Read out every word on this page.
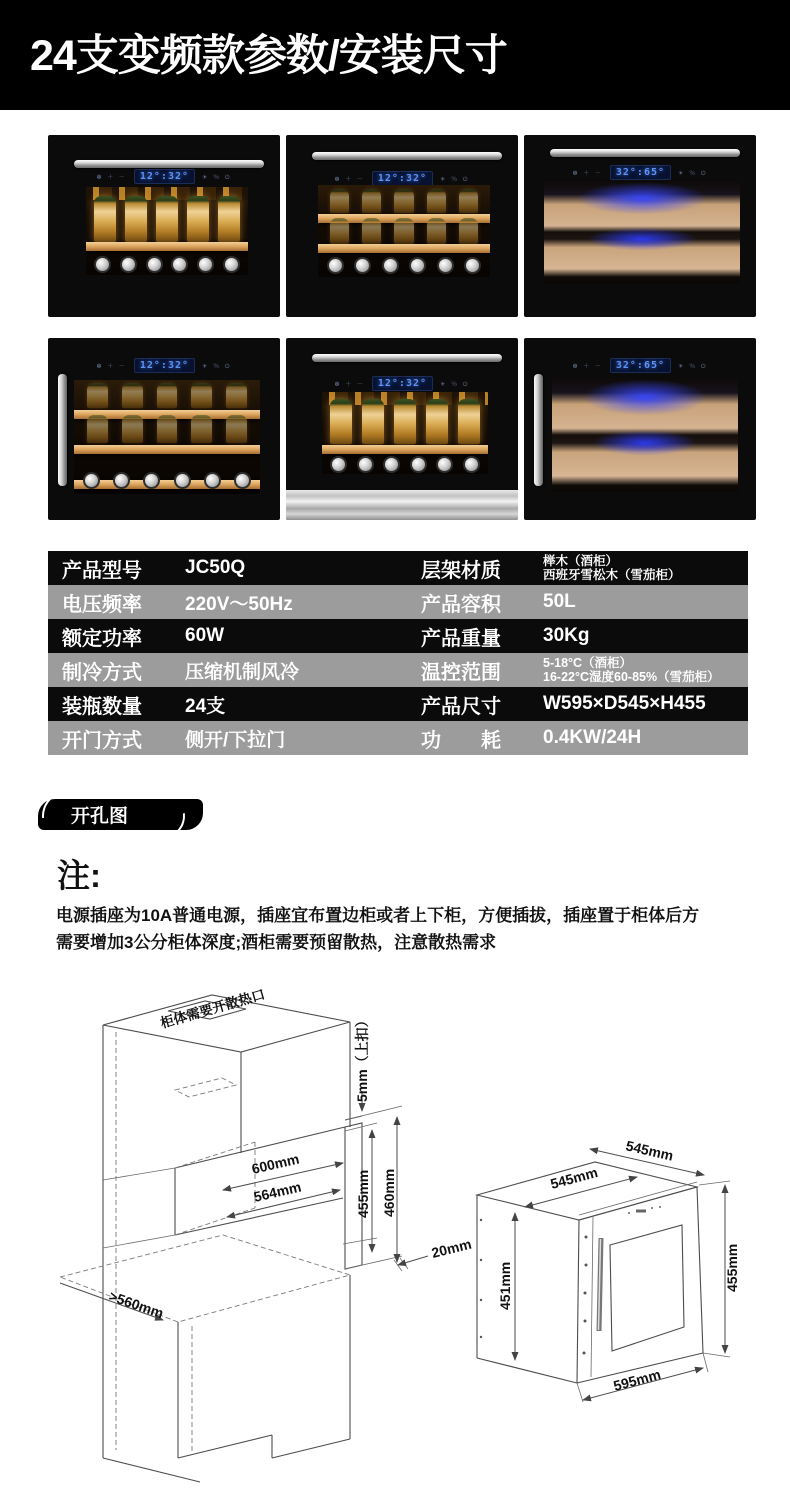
24支变频款参数/安装尺寸
❆ ＋ －	12°:32°	☀ ％ ⏻	❆ ＋ －	12°:32°	☀ ％ ⏻
❆ ＋ －	32°:65°	☀ ％ ⏻
❆ ＋ －	12°:32°	☀ ％ ⏻
❆ ＋ －	12°:32°	☀ ％ ⏻
❆ ＋ －	32°:65°	☀ ％ ⏻
产品型号	JC50Q	层架材质	榉木（酒柜）
西班牙雪松木（雪茄柜）
电压频率	220V～50Hz	产品容积	50L
额定功率	60W	产品重量	30Kg
制冷方式	压缩机制风冷	温控范围	5-18°C（酒柜）
16-22°C湿度60-85%（雪茄柜）
装瓶数量	24支	产品尺寸	W595×D545×H455
开门方式	侧开/下拉门	功　　耗	0.4KW/24H
开孔图
注:
电源插座为10A普通电源，插座宜布置边柜或者上下柜，方便插拔，插座置于柜体后方
需要增加3公分柜体深度;酒柜需要预留散热，注意散热需求
5mm（上扣）
600mm
564mm	455mm 460mm
20mm
>560mm
柜体需要开散热口
545mm
545mm
451mm	455mm
595mm
